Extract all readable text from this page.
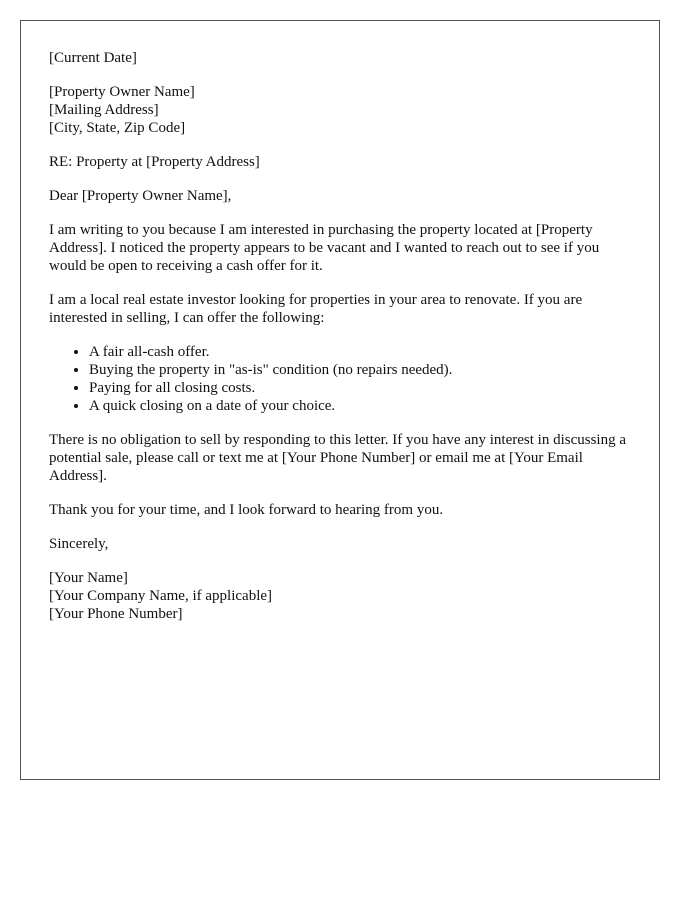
[Current Date]

[Property Owner Name]

[Mailing Address]

[City, State, Zip Code]

RE: Property at [Property Address]

Dear [Property Owner Name],

I am writing to you because I am interested in purchasing the property located at [Property Address]. I noticed the property appears to be vacant and I wanted to reach out to see if you would be open to receiving a cash offer for it.

I am a local real estate investor looking for properties in your area to renovate. If you are interested in selling, I can offer the following:

• A fair all-cash offer.
• Buying the property in "as-is" condition (no repairs needed).
• Paying for all closing costs.
• A quick closing on a date of your choice.

There is no obligation to sell by responding to this letter. If you have any interest in discussing a potential sale, please call or text me at [Your Phone Number] or email me at [Your Email Address].

Thank you for your time, and I look forward to hearing from you.

Sincerely,

[Your Name]

[Your Company Name, if applicable]

[Your Phone Number]
